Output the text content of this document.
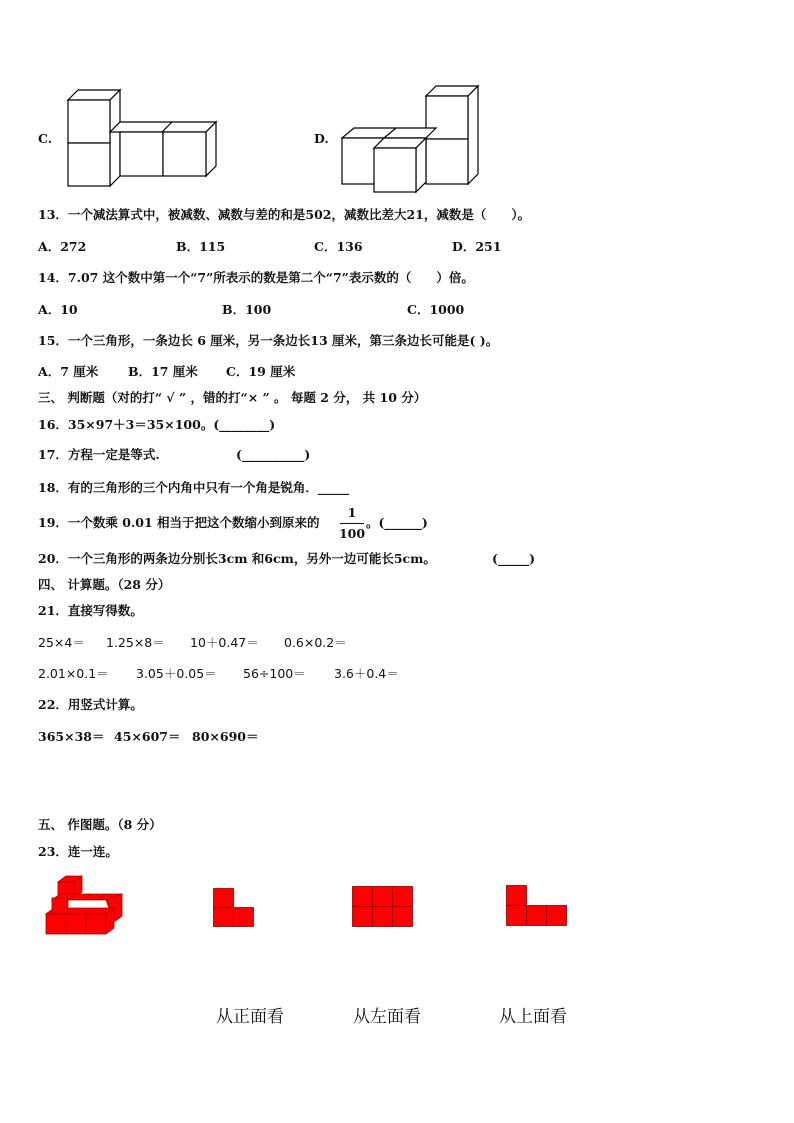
C.	D.
13．一个减法算式中，被减数、减数与差的和是502，减数比差大21，减数是（　　）。
A．272	B．115	C．136	D．251
14．7.07 这个数中第一个“7”所表示的数是第二个“7”表示数的（　　）倍。
A．10	B．100	C．1000
15．一个三角形，一条边长 6 厘米，另一条边长13 厘米，第三条边长可能是( )。
A．7 厘米 B．17 厘米 C．19 厘米
三、 判断题（对的打“ √ ” ，错的打“× ” 。 每题 2 分， 共 10 分）
16．35×97＋3＝35×100。(________)
17．方程一定是等式.	(__________)
18．有的三角形的三个内角中只有一个角是锐角．_____
19．一个数乘 0.01 相当于把这个数缩小到原来的
1
100
。(______)
20．一个三角形的两条边分别长3cm 和6cm，另外一边可能长5cm。	(_____)
四、 计算题。（28 分）
21．直接写得数。
25×4＝ 1.25×8＝ 10＋0.47＝ 0.6×0.2＝
2.01×0.1＝ 3.05＋0.05＝ 56÷100＝ 3.6＋0.4＝
22．用竖式计算。
365×38＝ 45×607＝ 80×690＝
五、 作图题。（8 分）
23．连一连。
从正面看	从左面看	从上面看
